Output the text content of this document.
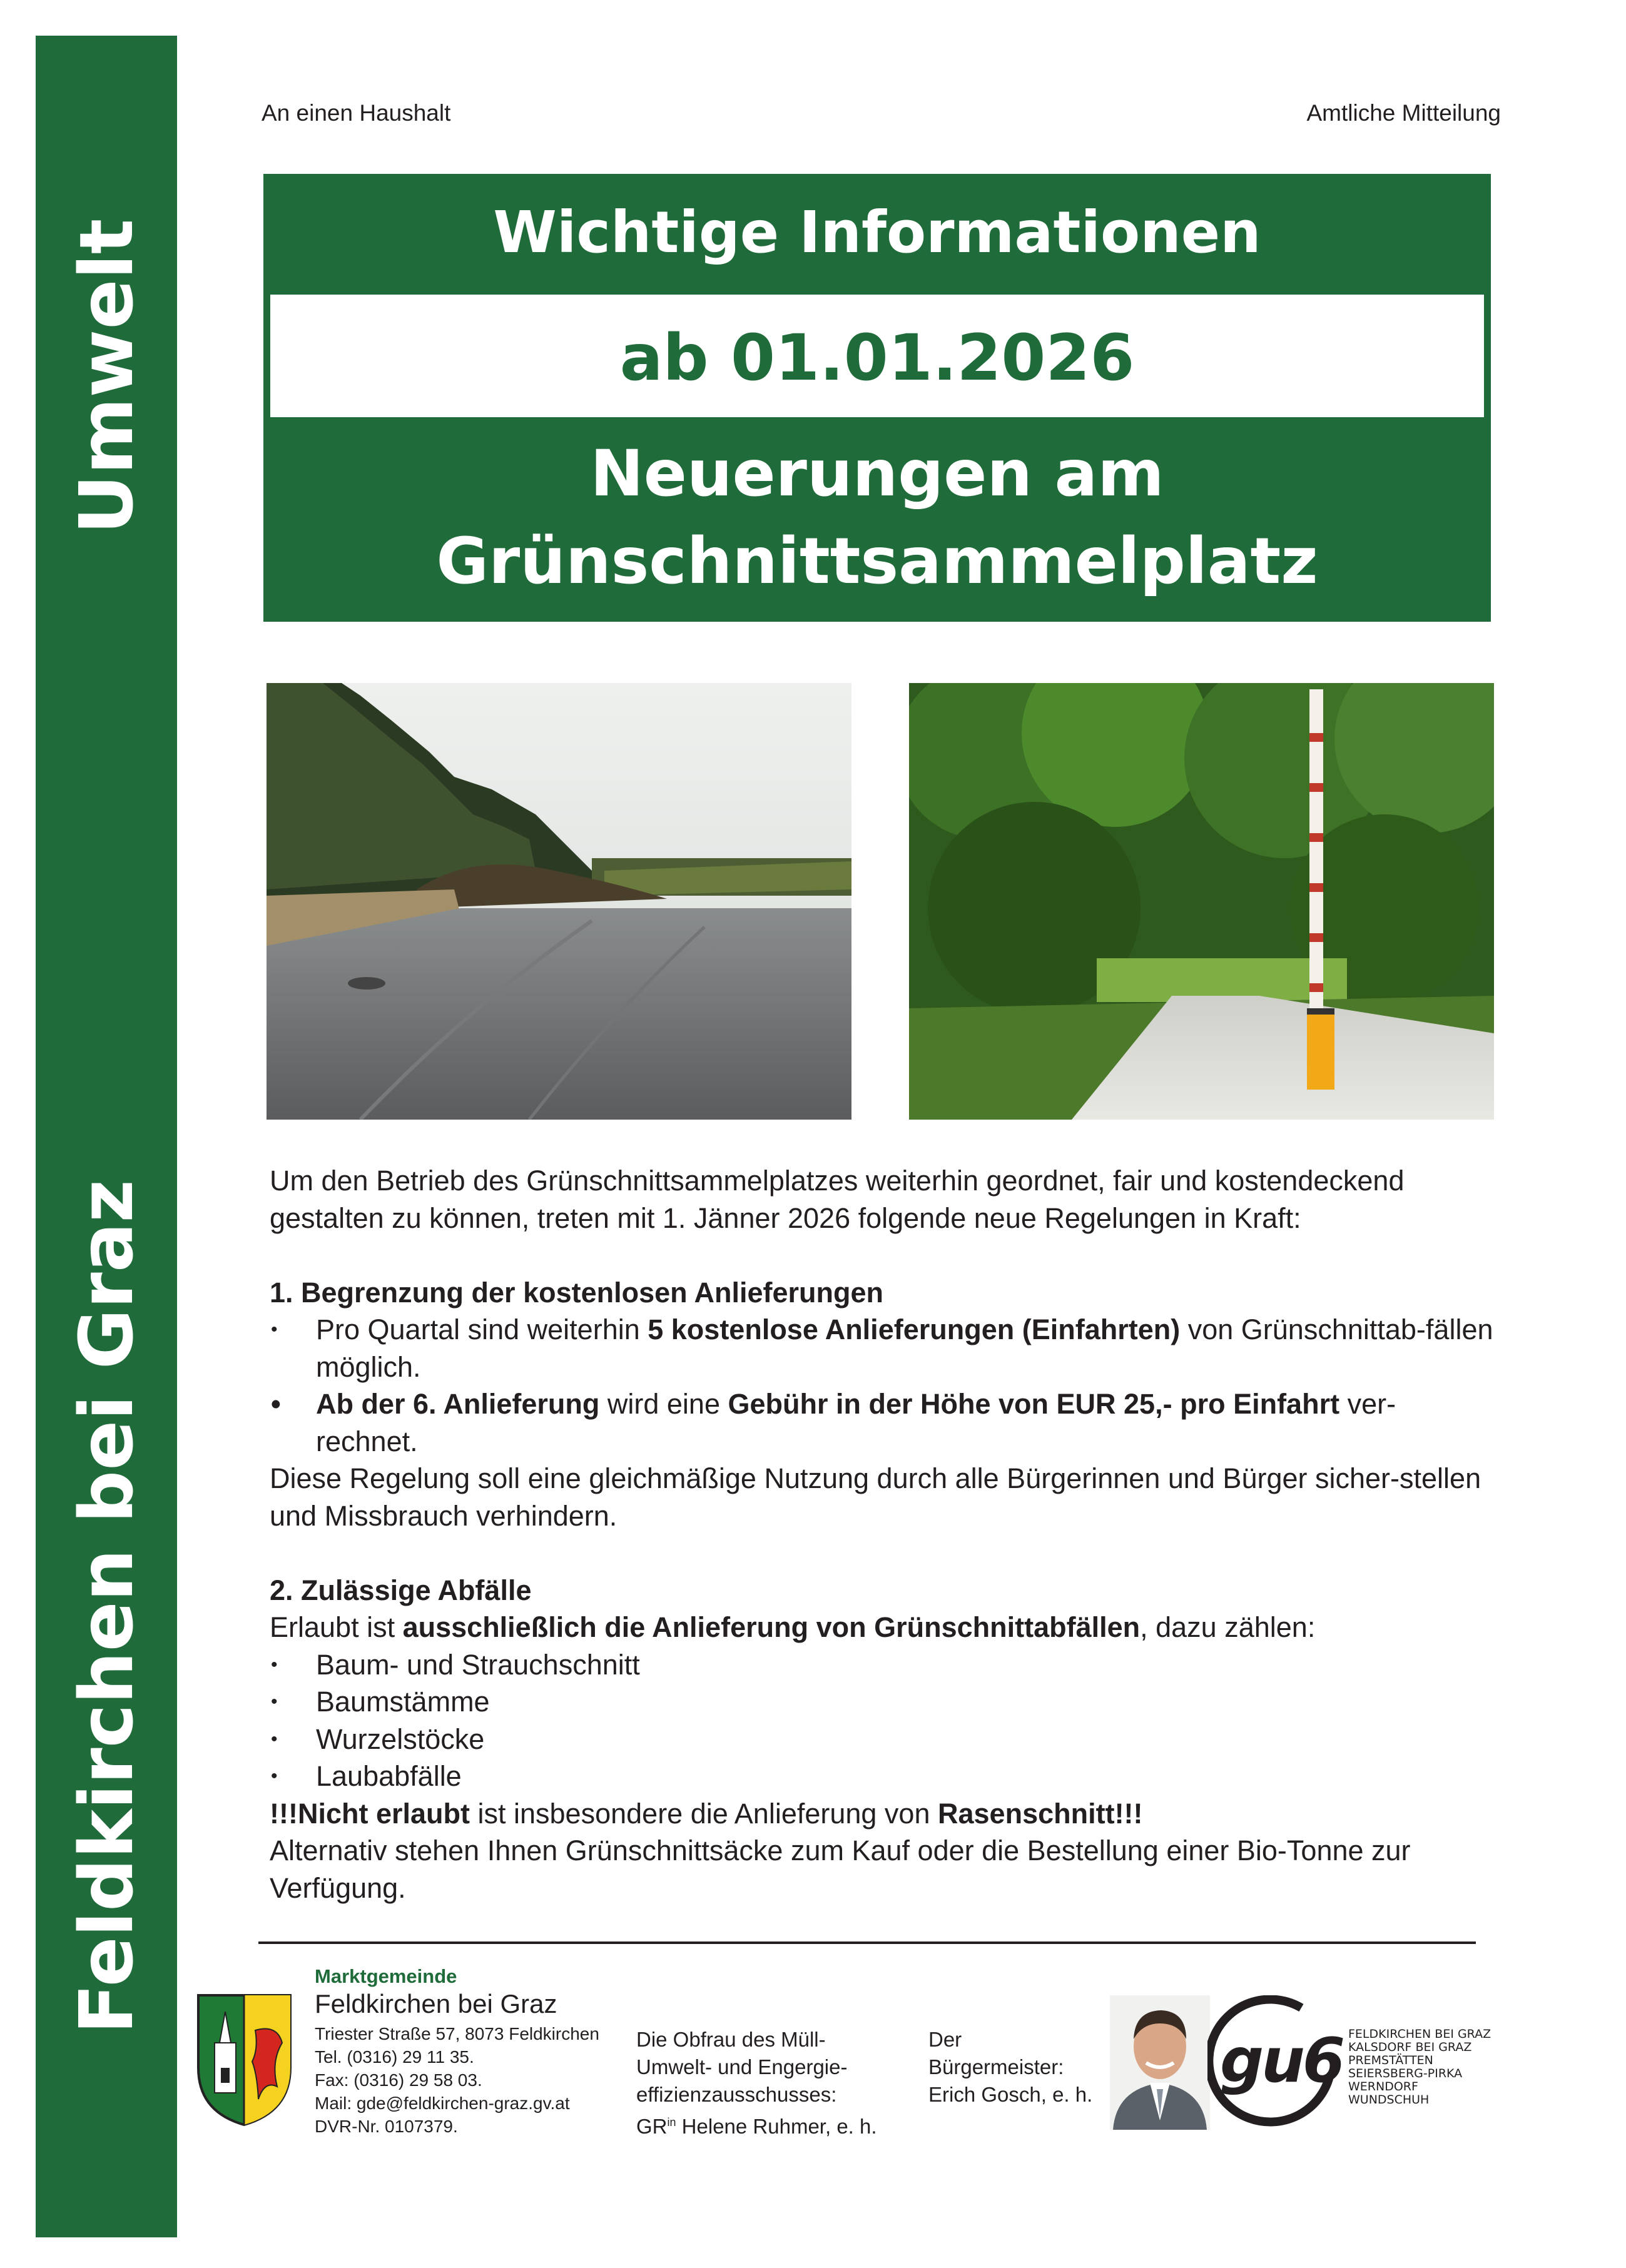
Umwelt
Feldkirchen bei Graz
An einen Haushalt	Amtliche Mitteilung
Wichtige Informationen
ab 01.01.2026
Neuerungen am
Grünschnittsammelplatz

Um den Betrieb des Grünschnittsammelplatzes weiterhin geordnet, fair und kostendeckend gestalten zu können, treten mit 1. Jänner 2026 folgende neue Regelungen in Kraft:

1. Begrenzung der kostenlosen Anlieferungen

• Pro Quartal sind weiterhin 5 kostenlose Anlieferungen (Einfahrten) von Grünschnittab-fällen möglich.

• Ab der 6. Anlieferung wird eine Gebühr in der Höhe von EUR 25,- pro Einfahrt ver-rechnet.

Diese Regelung soll eine gleichmäßige Nutzung durch alle Bürgerinnen und Bürger sicher-stellen und Missbrauch verhindern.

2. Zulässige Abfälle

Erlaubt ist ausschließlich die Anlieferung von Grünschnittabfällen, dazu zählen:

• Baum- und Strauchschnitt

• Baumstämme

• Wurzelstöcke

• Laubabfälle

!!!Nicht erlaubt ist insbesondere die Anlieferung von Rasenschnitt!!!

Alternativ stehen Ihnen Grünschnittsäcke zum Kauf oder die Bestellung einer Bio-Tonne zur Verfügung.

Marktgemeinde
Feldkirchen bei Graz
Triester Straße 57, 8073 Feldkirchen
Tel. (0316) 29 11 35.
Fax: (0316) 29 58 03.
Mail: gde@feldkirchen-graz.gv.at
DVR-Nr. 0107379.
Die Obfrau des Müll-
Umwelt- und Engergie-
effizienzausschusses:
$GR^{in}$ Helene Ruhmer, e. h.
Der
Bürgermeister:
Erich Gosch, e. h. gu6 FELDKIRCHEN BEI GRAZ
KALSDORF BEI GRAZ
PREMSTÄTTEN
SEIERSBERG-PIRKA
WERNDORF
WUNDSCHUH
